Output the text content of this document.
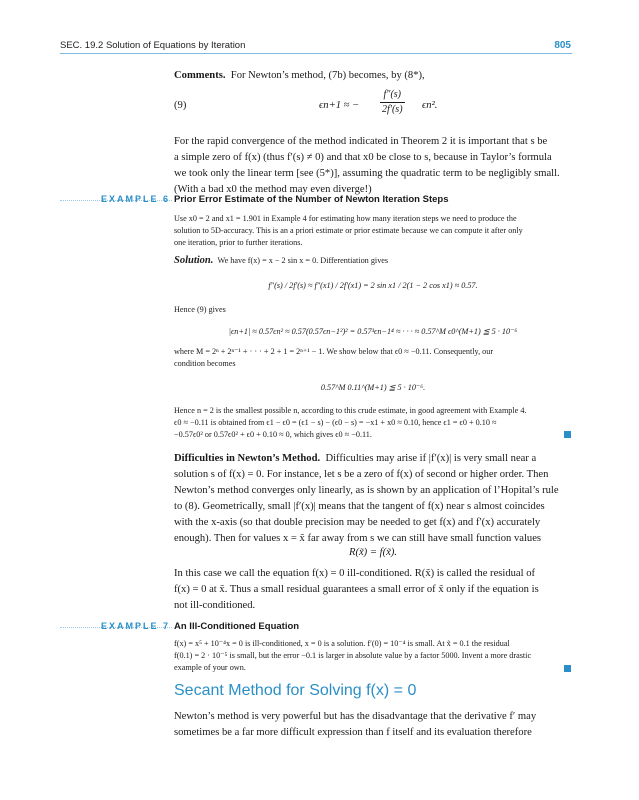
SEC. 19.2 Solution of Equations by Iteration	805
Comments. For Newton’s method, (7b) becomes, by (8*),
(9)	ϵn+1 ≈ − $\frac{f''(s)}{2f'(s)} \epsilon n^2$.
For the rapid convergence of the method indicated in Theorem 2 it is important that s be
a simple zero of f(x) (thus f′(s) ≠ 0) and that x0 be close to s, because in Taylor’s formula
we took only the linear term [see (5*)], assuming the quadratic term to be negligibly small.
(With a bad x0 the method may even diverge!)
EXAMPLE 6 Prior Error Estimate of the Number of Newton Iteration Steps
Use x0 = 2 and x1 = 1.901 in Example 4 for estimating how many iteration steps we need to produce the
solution to 5D-accuracy. This is an a priori estimate or prior estimate because we can compute it after only
one iteration, prior to further iterations.
Solution. We have f(x) = x − 2 sin x = 0. Differentiation gives
f″(s) / 2f′(s) ≈ f″(x1) / 2f′(x1) = 2 sin x1 / 2(1 − 2 cos x1) ≈ 0.57.
Hence (9) gives
|ϵn+1| ≈ 0.57ϵn² ≈ 0.57(0.57ϵn−1²)² = 0.57³ϵn−1⁴ ≈ · · · ≈ 0.57^M ϵ0^(M+1) ≦ 5 · 10⁻⁶
where M = 2ⁿ + 2ⁿ⁻¹ + · · · + 2 + 1 = 2ⁿ⁺¹ − 1. We show below that ϵ0 ≈ −0.11. Consequently, our
condition becomes
0.57^M 0.11^(M+1) ≦ 5 · 10⁻⁶.
Hence n = 2 is the smallest possible n, according to this crude estimate, in good agreement with Example 4.
ϵ0 ≈ −0.11 is obtained from ϵ1 − ϵ0 = (ϵ1 − s) − (ϵ0 − s) = −x1 + x0 ≈ 0.10, hence ϵ1 = ϵ0 + 0.10 ≈
−0.57ϵ0² or 0.57ϵ0² + ϵ0 + 0.10 ≈ 0, which gives ϵ0 ≈ −0.11.
Difficulties in Newton’s Method. Difficulties may arise if |f′(x)| is very small near a
solution s of f(x) = 0. For instance, let s be a zero of f(x) of second or higher order. Then
Newton’s method converges only linearly, as is shown by an application of l’Hopital’s rule
to (8). Geometrically, small |f′(x)| means that the tangent of f(x) near s almost coincides
with the x-axis (so that double precision may be needed to get f(x) and f′(x) accurately
enough). Then for values x = x̃ far away from s we can still have small function values
R(x̃) = f(x̃).
In this case we call the equation f(x) = 0 ill-conditioned. R(x̃) is called the residual of
f(x) = 0 at x̃. Thus a small residual guarantees a small error of x̃ only if the equation is
not ill-conditioned.
EXAMPLE 7 An Ill-Conditioned Equation
f(x) = x⁵ + 10⁻⁴x = 0 is ill-conditioned, x = 0 is a solution. f′(0) = 10⁻⁴ is small. At x̃ = 0.1 the residual
f(0.1) = 2 · 10⁻⁵ is small, but the error −0.1 is larger in absolute value by a factor 5000. Invent a more drastic
example of your own.
Secant Method for Solving f(x) = 0
Newton’s method is very powerful but has the disadvantage that the derivative f′ may
sometimes be a far more difficult expression than f itself and its evaluation therefore
